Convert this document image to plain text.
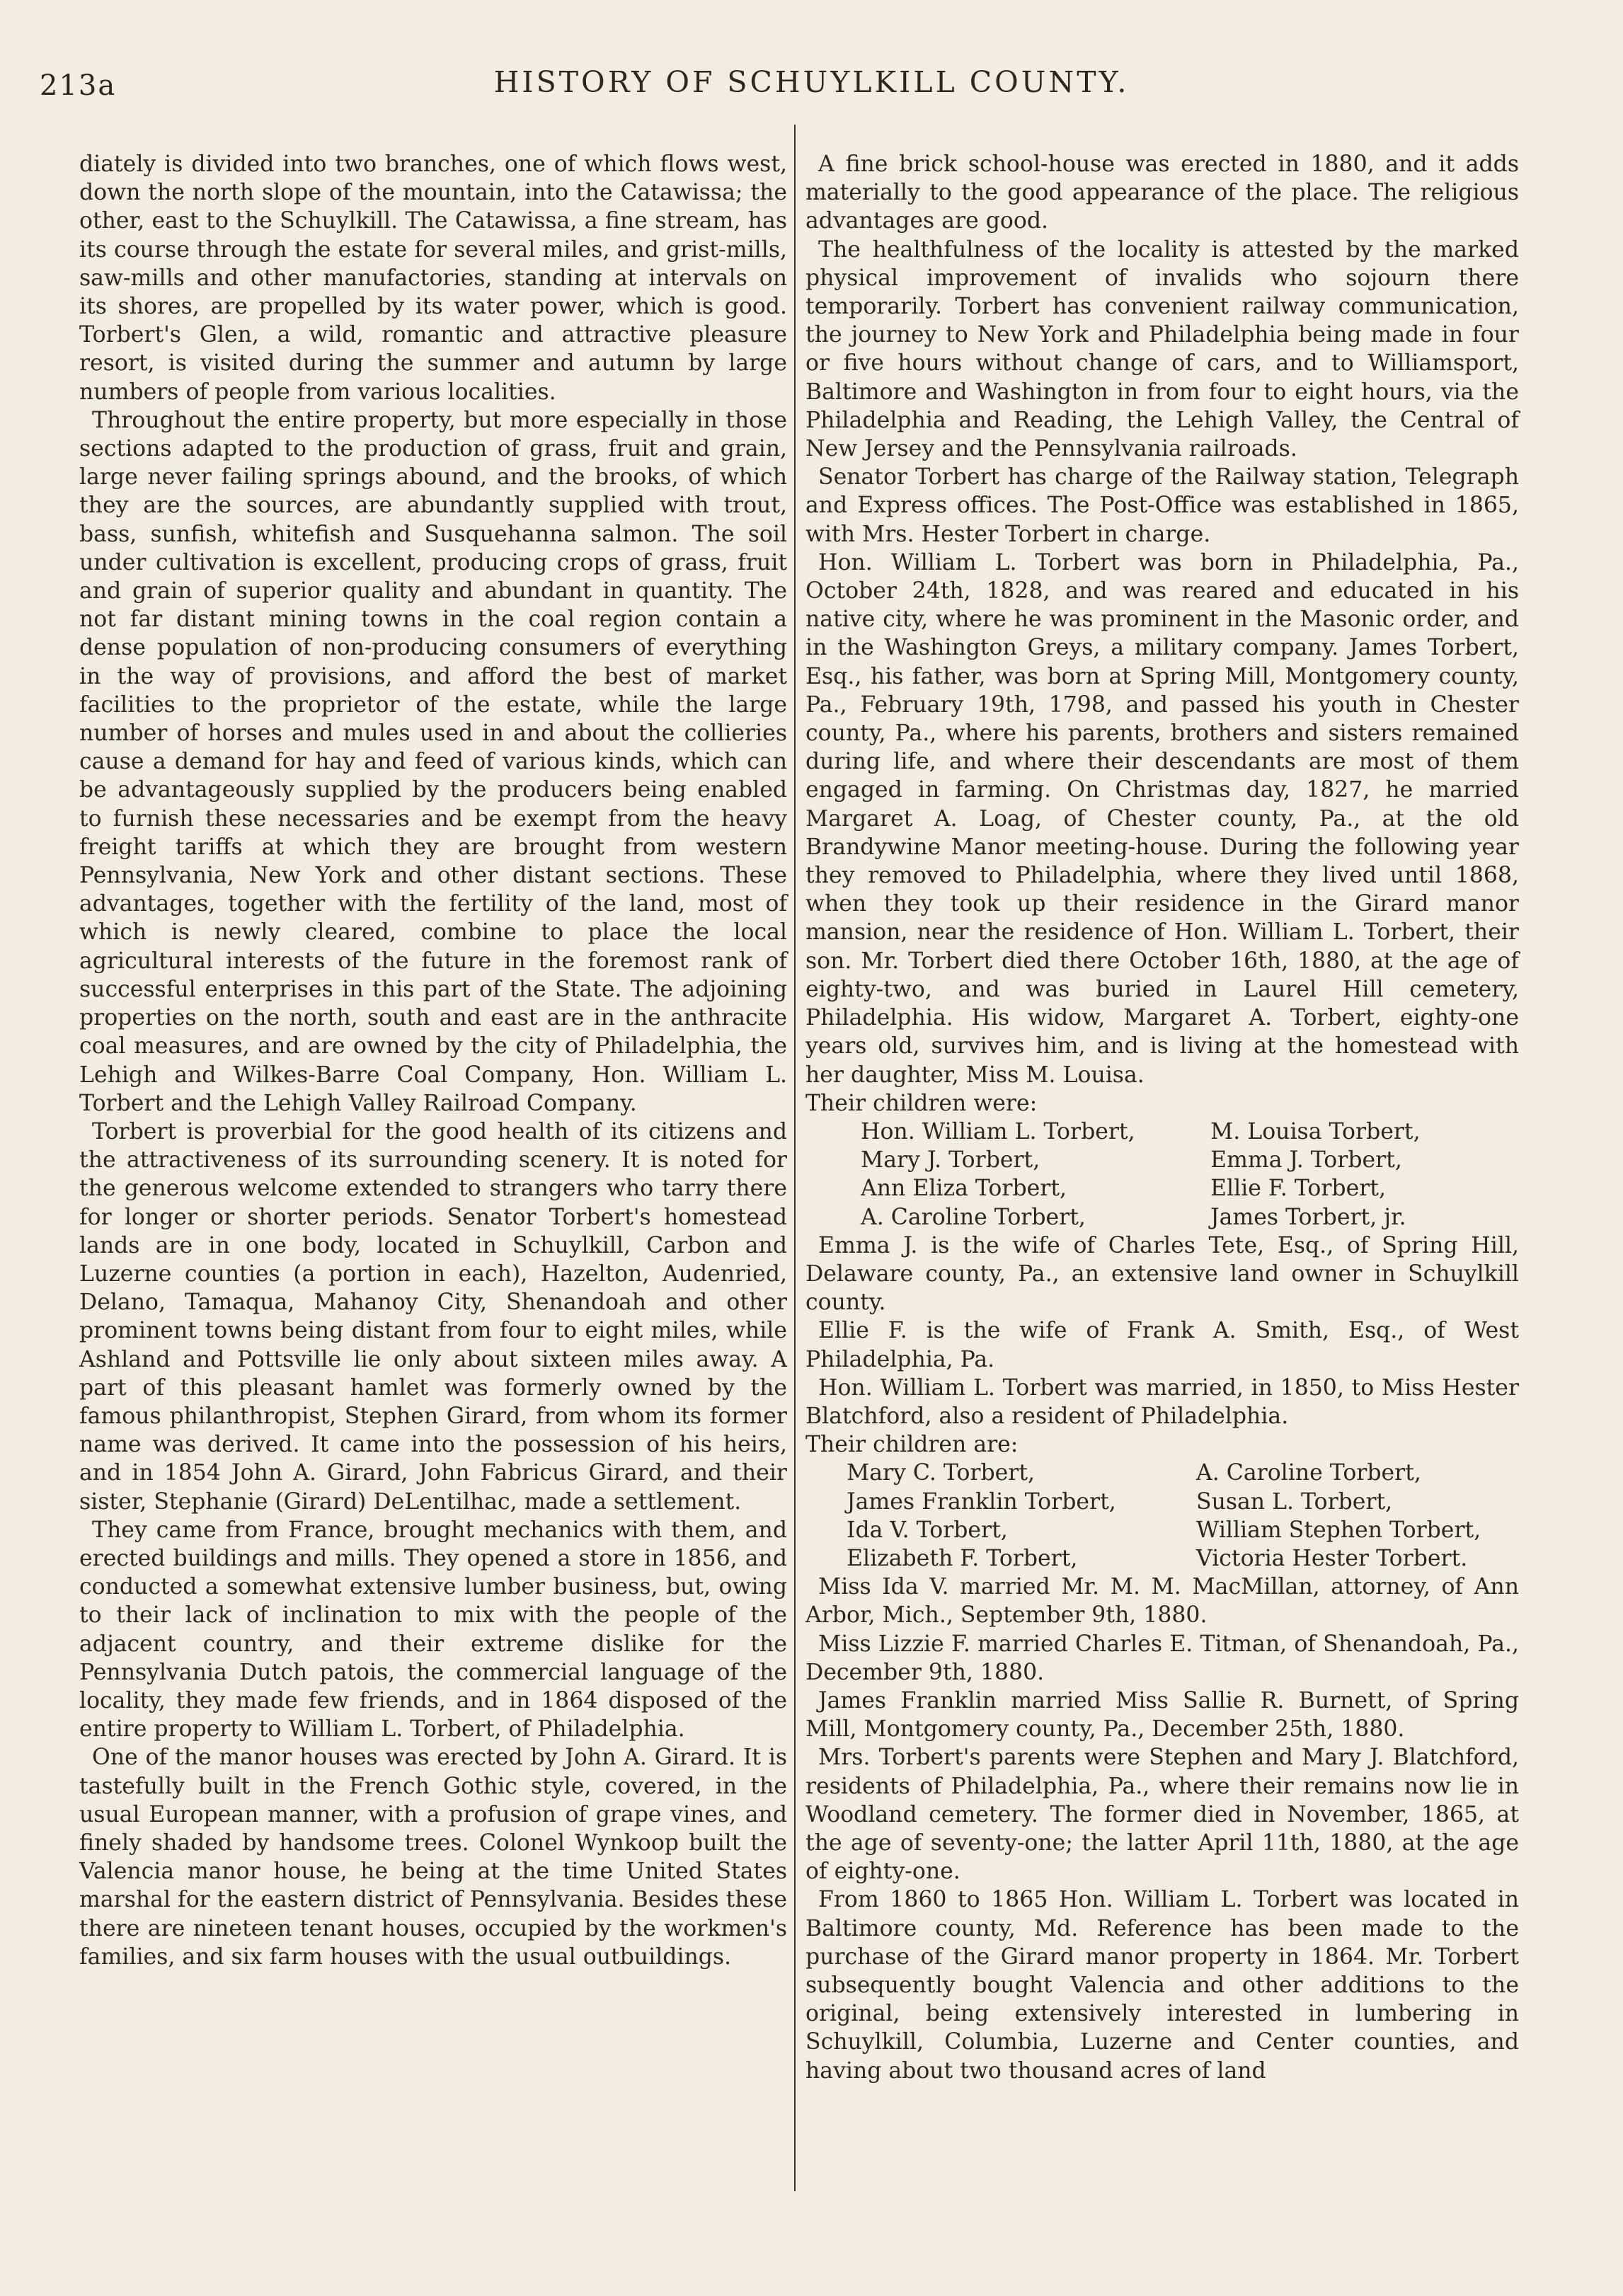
213a	HISTORY OF SCHUYLKILL COUNTY.

diately is divided into two branches, one of which flows west, down the north slope of the mountain, into the Catawissa; the other, east to the Schuylkill. The Catawissa, a fine stream, has its course through the estate for several miles, and grist-mills, saw-mills and other manufactories, standing at intervals on its shores, are propelled by its water power, which is good. Torbert's Glen, a wild, romantic and attractive pleasure resort, is visited during the summer and autumn by large numbers of people from various localities.

Throughout the entire property, but more especially in those sections adapted to the production of grass, fruit and grain, large never failing springs abound, and the brooks, of which they are the sources, are abundantly supplied with trout, bass, sunfish, whitefish and Susquehanna salmon. The soil under cultivation is excellent, producing crops of grass, fruit and grain of superior quality and abundant in quantity. The not far distant mining towns in the coal region contain a dense population of non-producing consumers of everything in the way of provisions, and afford the best of market facilities to the proprietor of the estate, while the large number of horses and mules used in and about the collieries cause a demand for hay and feed of various kinds, which can be advantageously supplied by the producers being enabled to furnish these necessaries and be exempt from the heavy freight tariffs at which they are brought from western Pennsylvania, New York and other distant sections. These advantages, together with the fertility of the land, most of which is newly cleared, combine to place the local agricultural interests of the future in the foremost rank of successful enterprises in this part of the State. The adjoining properties on the north, south and east are in the anthracite coal measures, and are owned by the city of Philadelphia, the Lehigh and Wilkes-Barre Coal Company, Hon. William L. Torbert and the Lehigh Valley Railroad Company.

Torbert is proverbial for the good health of its citizens and the attractiveness of its surrounding scenery. It is noted for the generous welcome extended to strangers who tarry there for longer or shorter periods. Senator Torbert's homestead lands are in one body, located in Schuylkill, Carbon and Luzerne counties (a portion in each), Hazelton, Audenried, Delano, Tamaqua, Mahanoy City, Shenandoah and other prominent towns being distant from four to eight miles, while Ashland and Pottsville lie only about sixteen miles away. A part of this pleasant hamlet was formerly owned by the famous philanthropist, Stephen Girard, from whom its former name was derived. It came into the possession of his heirs, and in 1854 John A. Girard, John Fabricus Girard, and their sister, Stephanie (Girard) DeLentilhac, made a settlement.

They came from France, brought mechanics with them, and erected buildings and mills. They opened a store in 1856, and conducted a somewhat extensive lumber business, but, owing to their lack of inclination to mix with the people of the adjacent country, and their extreme dislike for the Pennsylvania Dutch patois, the commercial language of the locality, they made few friends, and in 1864 disposed of the entire property to William L. Torbert, of Philadelphia.

One of the manor houses was erected by John A. Girard. It is tastefully built in the French Gothic style, covered, in the usual European manner, with a profusion of grape vines, and finely shaded by handsome trees. Colonel Wynkoop built the Valencia manor house, he being at the time United States marshal for the eastern district of Pennsylvania. Besides these there are nineteen tenant houses, occupied by the workmen's families, and six farm houses with the usual outbuildings.

A fine brick school-house was erected in 1880, and it adds materially to the good appearance of the place. The religious advantages are good.

The healthfulness of the locality is attested by the marked physical improvement of invalids who sojourn there temporarily. Torbert has convenient railway communication, the journey to New York and Philadelphia being made in four or five hours without change of cars, and to Williamsport, Baltimore and Washington in from four to eight hours, via the Philadelphia and Reading, the Lehigh Valley, the Central of New Jersey and the Pennsylvania railroads.

Senator Torbert has charge of the Railway station, Telegraph and Express offices. The Post-Office was established in 1865, with Mrs. Hester Torbert in charge.

Hon. William L. Torbert was born in Philadelphia, Pa., October 24th, 1828, and was reared and educated in his native city, where he was prominent in the Masonic order, and in the Washington Greys, a military company. James Torbert, Esq., his father, was born at Spring Mill, Montgomery county, Pa., February 19th, 1798, and passed his youth in Chester county, Pa., where his parents, brothers and sisters remained during life, and where their descendants are most of them engaged in farming. On Christmas day, 1827, he married Margaret A. Loag, of Chester county, Pa., at the old Brandywine Manor meeting-house. During the following year they removed to Philadelphia, where they lived until 1868, when they took up their residence in the Girard manor mansion, near the residence of Hon. William L. Torbert, their son. Mr. Torbert died there October 16th, 1880, at the age of eighty-two, and was buried in Laurel Hill cemetery, Philadelphia. His widow, Margaret A. Torbert, eighty-one years old, survives him, and is living at the homestead with her daughter, Miss M. Louisa.

Their children were:

Hon. William L. Torbert,	M. Louisa Torbert,
Mary J. Torbert,	Emma J. Torbert,
Ann Eliza Torbert,	Ellie F. Torbert,
A. Caroline Torbert,	James Torbert, jr.

Emma J. is the wife of Charles Tete, Esq., of Spring Hill, Delaware county, Pa., an extensive land owner in Schuylkill county.

Ellie F. is the wife of Frank A. Smith, Esq., of West Philadelphia, Pa.

Hon. William L. Torbert was married, in 1850, to Miss Hester Blatchford, also a resident of Philadelphia.

Their children are:

Mary C. Torbert,	A. Caroline Torbert,
James Franklin Torbert,	Susan L. Torbert,
Ida V. Torbert,	William Stephen Torbert,
Elizabeth F. Torbert,	Victoria Hester Torbert.

Miss Ida V. married Mr. M. M. MacMillan, attorney, of Ann Arbor, Mich., September 9th, 1880.

Miss Lizzie F. married Charles E. Titman, of Shenandoah, Pa., December 9th, 1880.

James Franklin married Miss Sallie R. Burnett, of Spring Mill, Montgomery county, Pa., December 25th, 1880.

Mrs. Torbert's parents were Stephen and Mary J. Blatchford, residents of Philadelphia, Pa., where their remains now lie in Woodland cemetery. The former died in November, 1865, at the age of seventy-one; the latter April 11th, 1880, at the age of eighty-one.

From 1860 to 1865 Hon. William L. Torbert was located in Baltimore county, Md. Reference has been made to the purchase of the Girard manor property in 1864. Mr. Torbert subsequently bought Valencia and other additions to the original, being extensively interested in lumbering in Schuylkill, Columbia, Luzerne and Center counties, and having about two thousand acres of land
